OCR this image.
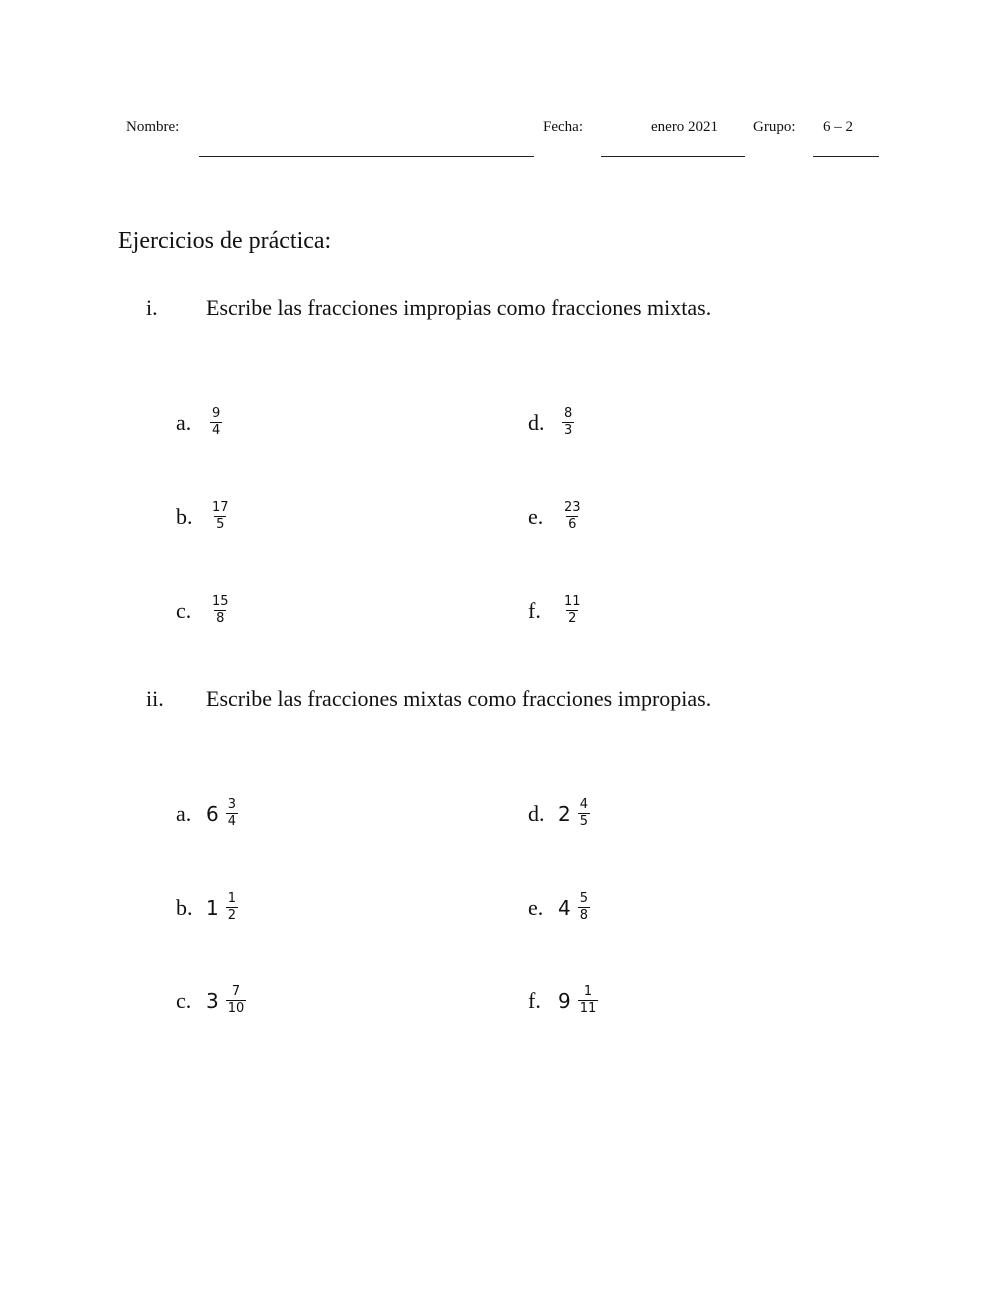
Nombre:	Fecha:	enero 2021 Grupo: 6 – 2
Ejercicios de práctica:
i. Escribe las fracciones impropias como fracciones mixtas.
a.	$\frac{9}{4}$
b.	$\frac{17}{5}$
c.	$\frac{15}{8}$
d.	$\frac{8}{3}$
e.	$\frac{23}{6}$
f.	$\frac{11}{2}$
ii. Escribe las fracciones mixtas como fracciones impropias.
a. $6 \frac{3}{4}$
b. $1 \frac{1}{2}$
c. $3 \frac{7}{10}$
d. $2 \frac{4}{5}$
e. $4 \frac{5}{8}$
f. $9 \frac{1}{11}$
